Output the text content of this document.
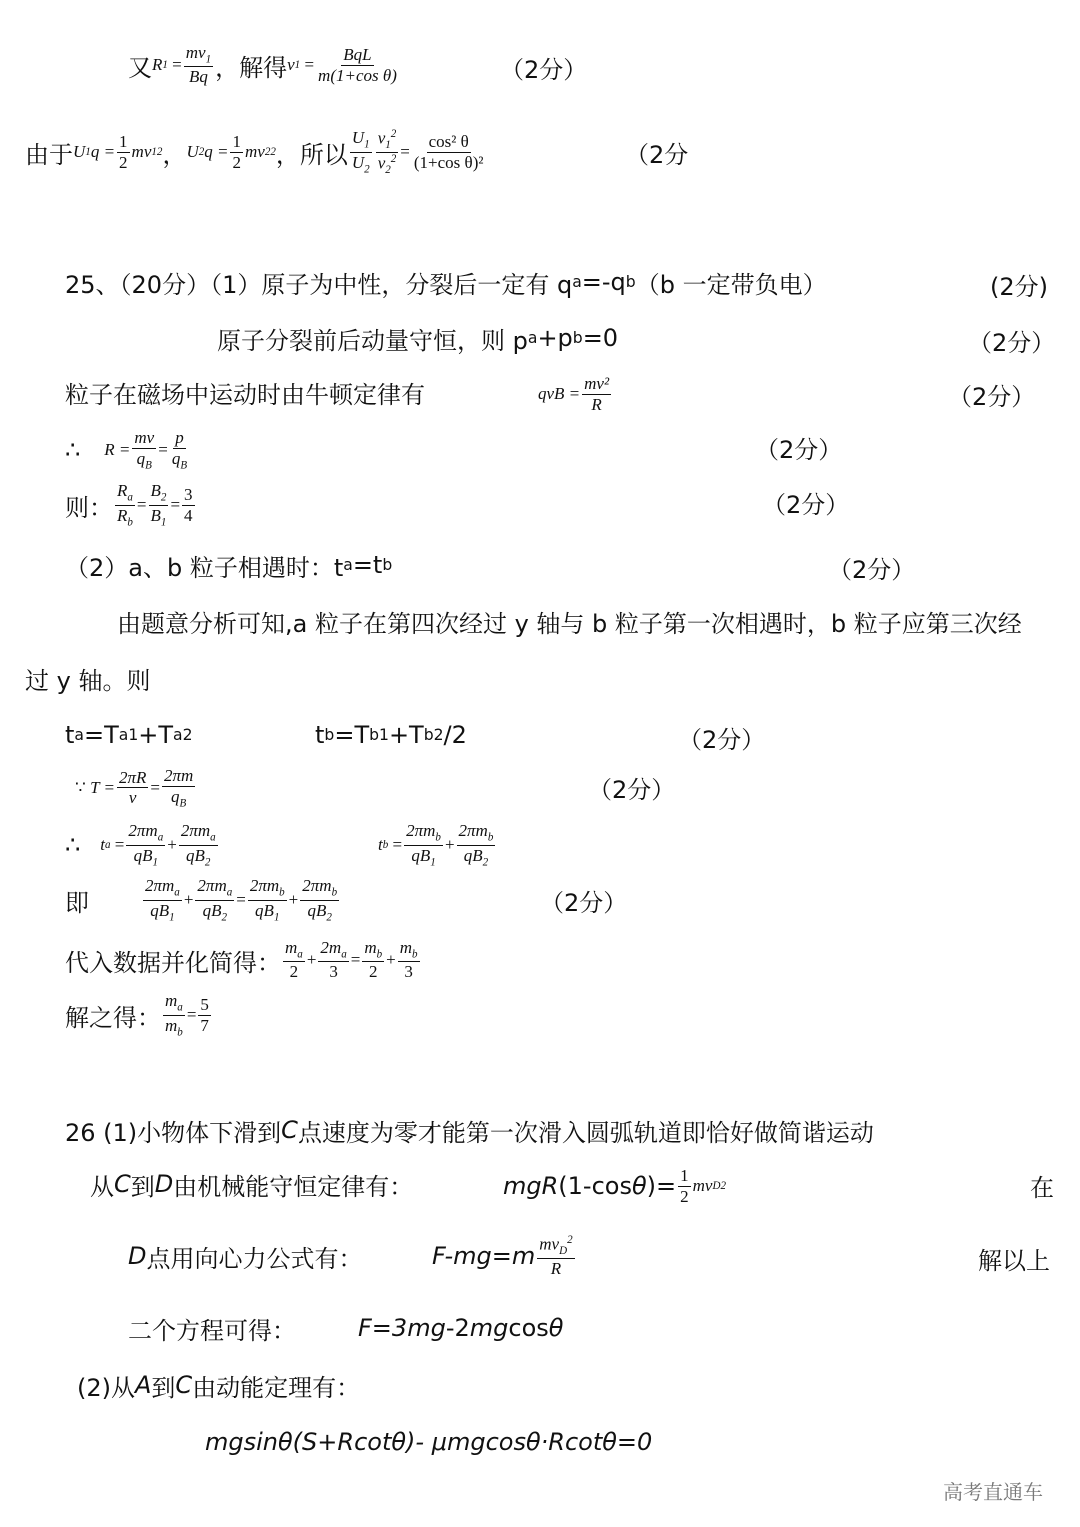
又 R 1
= $\frac{mv_1}{Bq}$ ，解得 v 1
=
BqL
m(1+cos θ)	（2分）
由于 U 1 $q = \frac{1}{2}$ mv 1 2 ， U 2 $q = \frac{1}{2}$ mv 2 2 ，所以
$U_1$
$U_2 \frac{v_1^2}{v_2^2} = \frac{\text{cos² θ}}{\text{(1+cos θ)²}}$	（2分
25、（20分）（1）原子为中性，分裂后一定有 q a =-q b （b 一定带负电）	(2分)
原子分裂前后动量守恒，则 p a +p b =0	（2分）
粒子在磁场中运动时由牛顿定律有	qvB = $\frac{\text{mv²}}{R}$	（2分）
∴ $R = \frac{mv}{q_B} = \frac{p}{q_B}$	（2分）
则： $\frac{R_a}{R_b} = \frac{B_2}{B_1} = \frac{3}{4}$	（2分）
（2）a、b 粒子相遇时：t a =t b	（2分）
由题意分析可知,a 粒子在第四次经过 y 轴与 b 粒子第一次相遇时，b 粒子应第三次经
过 y 轴。则
t a =T a1 +T a2	t b =T b1 +T b2 /2	（2分）
∵
$T = \frac{2\pi R}{v} = \frac{2\pi m}{q_B}$	（2分）
∴ t a
=
$2\pi m_a$
$qB_1$
+
$2\pi m_a$
$qB_2$
t b
=
$2\pi m_b$
$qB_1$
+
$2\pi m_b$
$qB_2$
即
$2\pi m_a$
$qB_1$
+
$2\pi m_a$
$qB_2$
=
$2\pi m_b$
$qB_1$
+
$2\pi m_b$
$qB_2$	（2分）
代入数据并化简得：
$m_a$
2
+ $\frac{2m_a}{3} = \frac{m_b}{2} + \frac{m_b}{3}$
解之得： $\frac{m_a}{m_b} = \frac{5}{7}$
26 (1)小物体下滑到 C 点速度为零才能第一次滑入圆弧轨道即恰好做简谐运动
从 C 到 D 由机械能守恒定律有：	mgR (1-cos θ )= 1
2
mv D 2	在
D 点用向心力公式有：	F-mg=m $mv_D^2$
R	解以上
二个方程可得：	F=3 mg -2 mg cos θ
(2)从 A 到 C 由动能定理有：
mgsinθ(S+Rcotθ)- μmgcosθ·Rcotθ=0
高考直通车
